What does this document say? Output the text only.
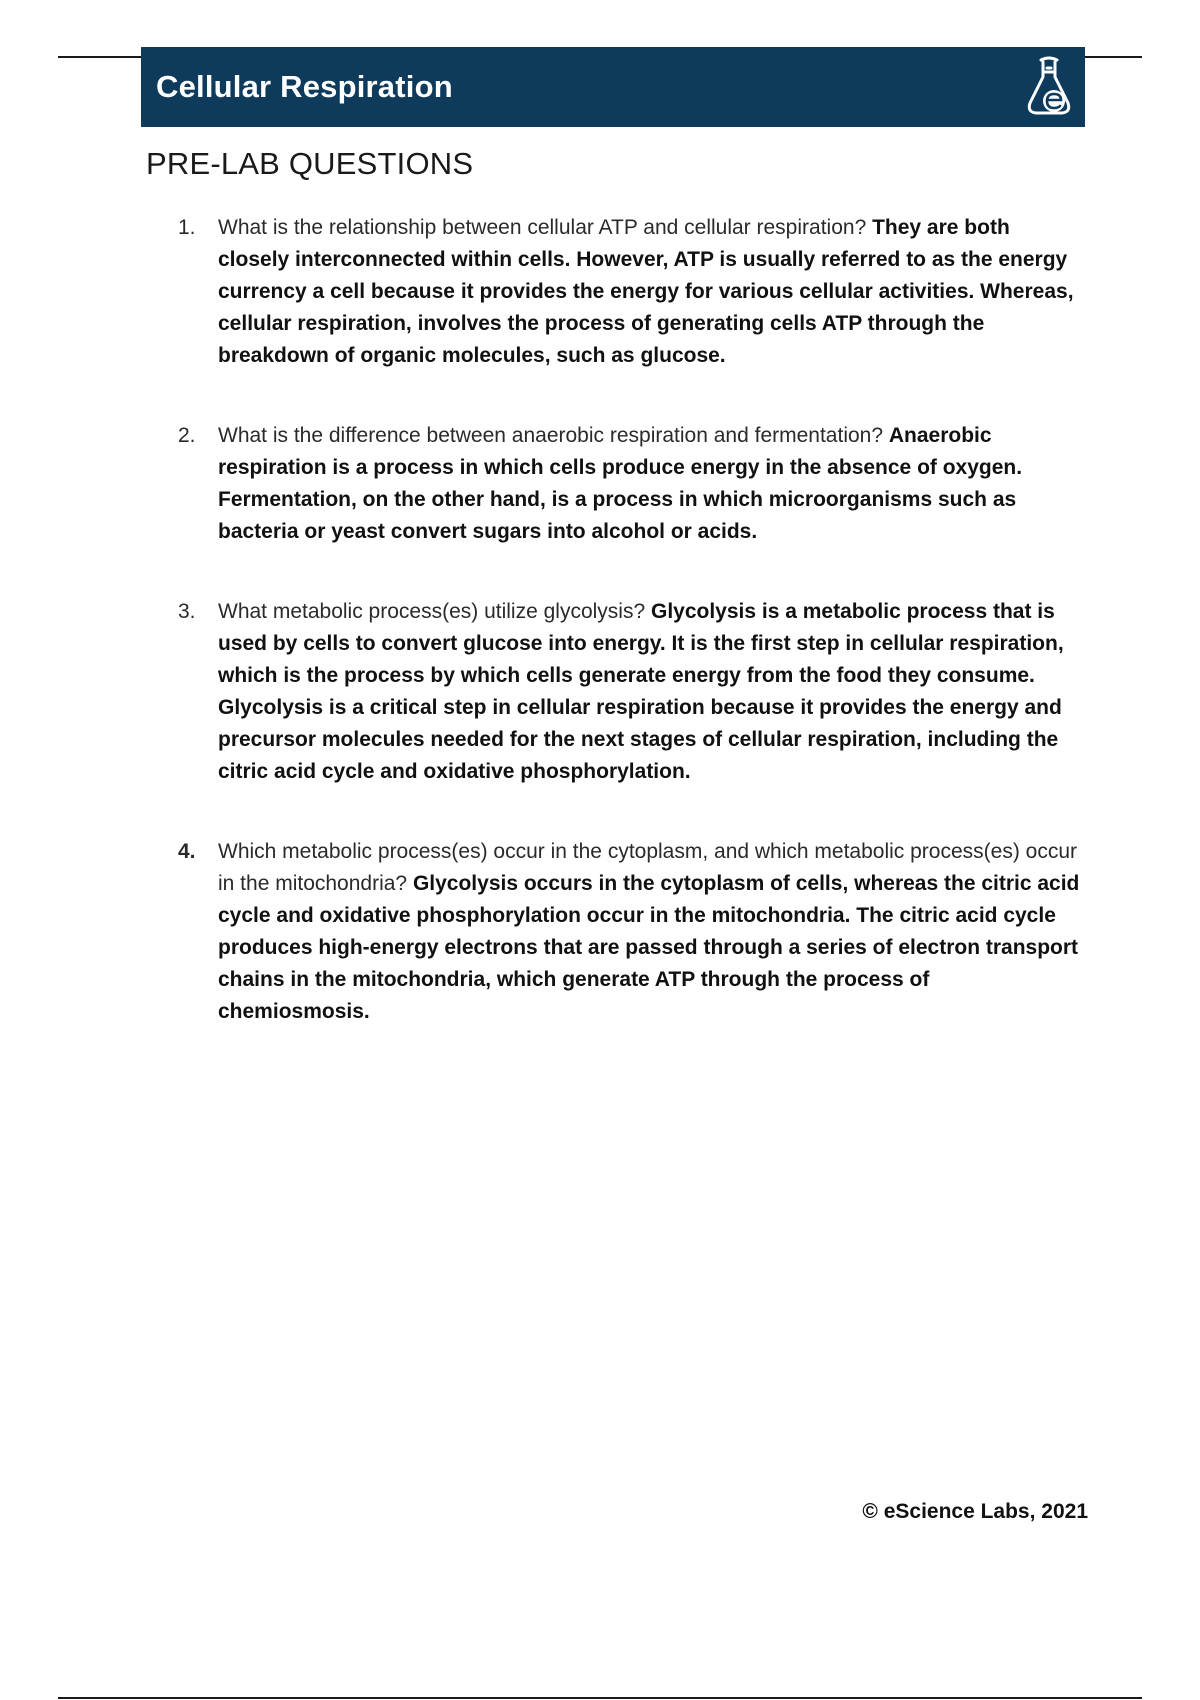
Cellular Respiration
PRE-LAB QUESTIONS
1.	What is the relationship between cellular ATP and cellular respiration? They are both closely interconnected within cells. However, ATP is usually referred to as the energy currency a cell because it provides the energy for various cellular activities. Whereas, cellular respiration, involves the process of generating cells ATP through the breakdown of organic molecules, such as glucose.
2.	What is the difference between anaerobic respiration and fermentation? Anaerobic respiration is a process in which cells produce energy in the absence of oxygen. Fermentation, on the other hand, is a process in which microorganisms such as bacteria or yeast convert sugars into alcohol or acids.
3.	What metabolic process(es) utilize glycolysis? Glycolysis is a metabolic process that is used by cells to convert glucose into energy. It is the first step in cellular respiration, which is the process by which cells generate energy from the food they consume. Glycolysis is a critical step in cellular respiration because it provides the energy and precursor molecules needed for the next stages of cellular respiration, including the citric acid cycle and oxidative phosphorylation.
4.	Which metabolic process(es) occur in the cytoplasm, and which metabolic process(es) occur in the mitochondria? Glycolysis occurs in the cytoplasm of cells, whereas the citric acid cycle and oxidative phosphorylation occur in the mitochondria. The citric acid cycle produces high-energy electrons that are passed through a series of electron transport chains in the mitochondria, which generate ATP through the process of chemiosmosis.
© eScience Labs, 2021
